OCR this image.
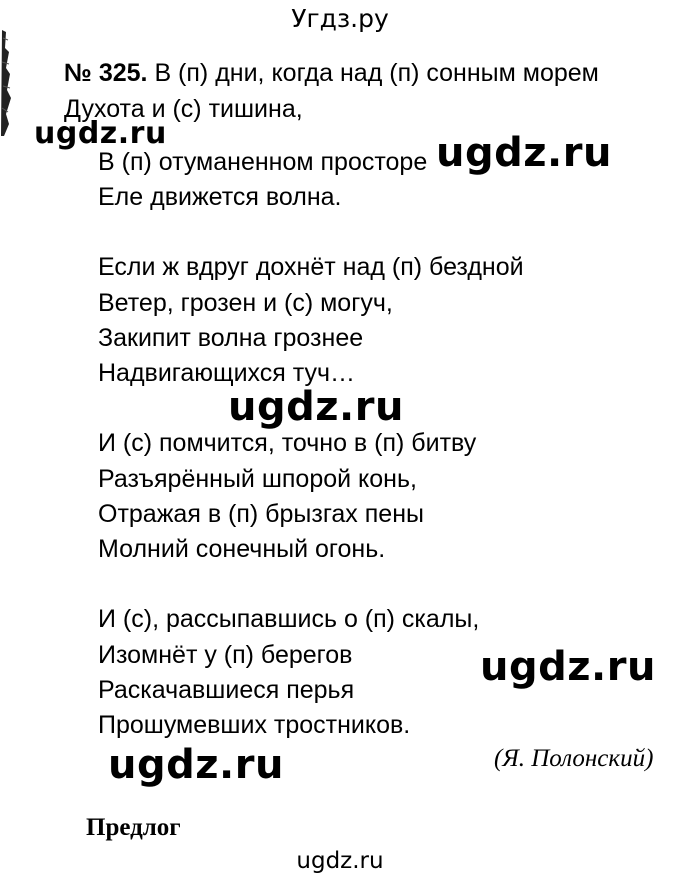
Угдз.ру
№ 325. В (п) дни, когда над (п) сонным морем
Духота и (с) тишина,
В (п) отуманенном просторе
Еле движется волна.
Если ж вдруг дохнёт над (п) бездной
Ветер, грозен и (с) могуч,
Закипит волна грознее
Надвигающихся туч…
И (с) помчится, точно в (п) битву
Разъярённый шпорой конь,
Отражая в (п) брызгах пены
Молний сонечный огонь.
И (с), рассыпавшись о (п) скалы,
Изомнёт у (п) берегов
Раскачавшиеся перья
Прошумевших тростников.
(Я. Полонский)
Предлог
ugdz.ru	ugdz.ru
ugdz.ru
ugdz.ru
ugdz.ru
ugdz.ru
